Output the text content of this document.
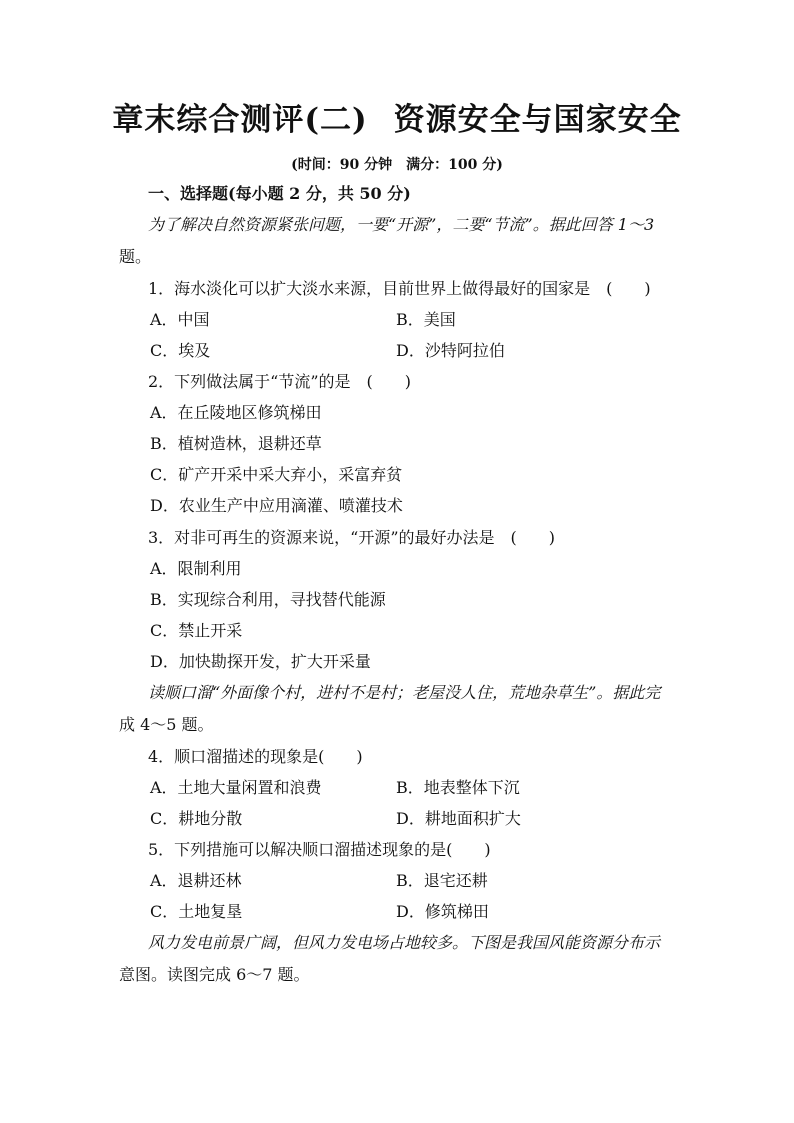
章末综合测评(二) 资源安全与国家安全
(时间：90 分钟 满分：100 分)
一、选择题(每小题 2 分，共 50 分)
为了解决自然资源紧张问题，一要“开源”，二要“节流”。据此回答 1～3
题。
1．海水淡化可以扩大淡水来源，目前世界上做得最好的国家是　(　　)
A．中国	B．美国
C．埃及	D．沙特阿拉伯
2．下列做法属于“节流”的是　(　　)
A．在丘陵地区修筑梯田
B．植树造林，退耕还草
C．矿产开采中采大弃小，采富弃贫
D．农业生产中应用滴灌、喷灌技术
3．对非可再生的资源来说，“开源”的最好办法是　(　　)
A．限制利用
B．实现综合利用，寻找替代能源
C．禁止开采
D．加快勘探开发，扩大开采量
读顺口溜“外面像个村，进村不是村；老屋没人住，荒地杂草生”。据此完
成 4～5 题。
4．顺口溜描述的现象是(　　)
A．土地大量闲置和浪费	B．地表整体下沉
C．耕地分散	D．耕地面积扩大
5．下列措施可以解决顺口溜描述现象的是(　　)
A．退耕还林	B．退宅还耕
C．土地复垦	D．修筑梯田
风力发电前景广阔，但风力发电场占地较多。下图是我国风能资源分布示
意图。读图完成 6～7 题。
